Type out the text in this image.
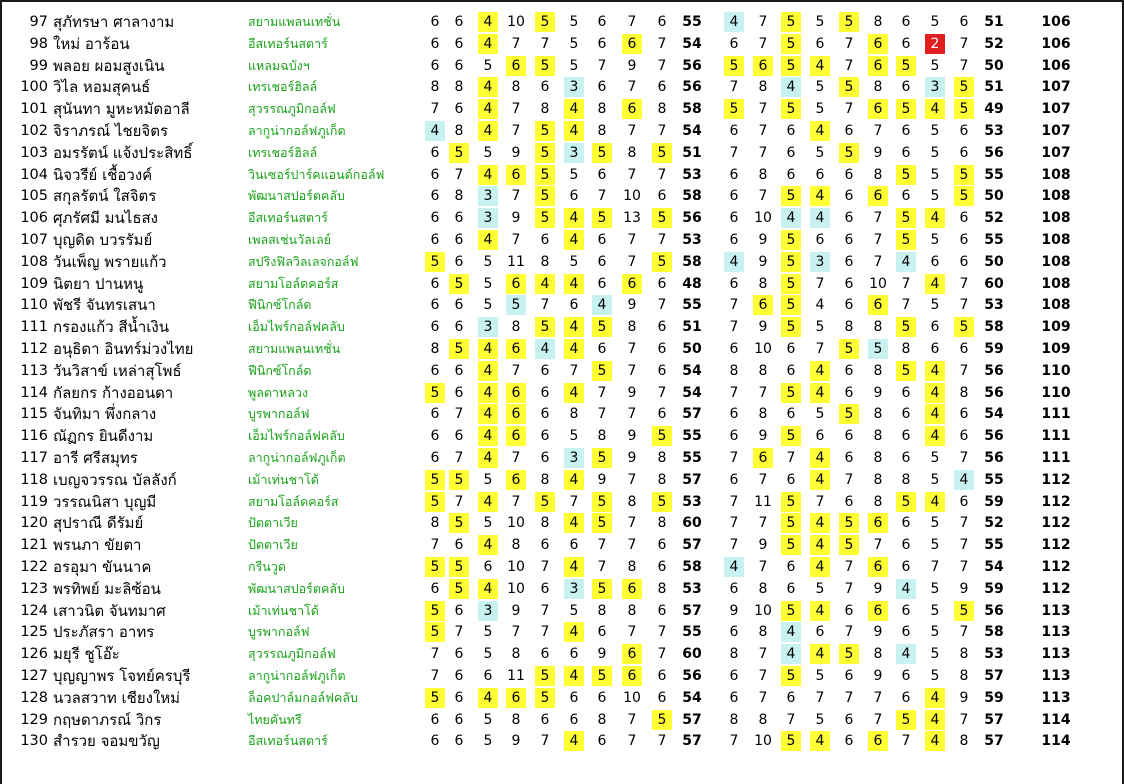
97 สุภัทรษา ศาลางาม	สยามแพลนเทชั่น	6	6	4	10	5	5	6	7	6	55	4	7	5	5	5	8	6	5	6	51	106
98 ใหม่ อาร้อน	อีสเทอร์นสตาร์	6	6	4	7	7	5	6	6	7	54	6	7	5	6	7	6	6	2	7	52	106
99 พลอย ผอมสูงเนิน	แหลมฉบังฯ	6	6	5	6	5	5	7	9	7	56	5	6	5	4	7	6	5	5	7	50	106
100 วิไล หอมสุคนธ์	เทรเชอร์ฮิลล์	8	8	4	8	6	3	6	7	6	56	7	8	4	5	5	8	6	3	5	51	107
101 สุนันทา มูหะหมัดอาลี	สุวรรณภูมิกอล์ฟ	7	6	4	7	8	4	8	6	8	58	5	7	5	5	7	6	5	4	5	49	107
102 จิราภรณ์ ไชยจิตร	ลากูน่ากอล์ฟภูเก็ต	4	8	4	7	5	4	8	7	7	54	6	7	6	4	6	7	6	5	6	53	107
103 อมรรัตน์ แจ้งประสิทธิ์	เทรเชอร์ฮิลล์	6	5	5	9	5	3	5	8	5	51	7	7	6	5	5	9	6	5	6	56	107
104 นิจวรีย์ เชื้อวงค์	วินเซอร์ปาร์คแอนด์กอล์ฟ	6	7	4	6	5	5	6	7	7	53	6	8	6	6	6	8	5	5	5	55	108
105 สกุลรัตน์ ใสจิตร	พัฒนาสปอร์ตคลับ	6	8	3	7	5	6	7	10	6	58	6	7	5	4	6	6	6	5	5	50	108
106 ศุภรัศมี มนไธสง	อีสเทอร์นสตาร์	6	6	3	9	5	4	5	13	5	56	6	10	4	4	6	7	5	4	6	52	108
107 บุญดิด บวรรัมย์	เพลสเช่นวัลเลย์	6	6	4	7	6	4	6	7	7	53	6	9	5	6	6	7	5	5	6	55	108
108 วันเพ็ญ พรายแก้ว	สปริงฟิลวิลเลจกอล์ฟ	5	6	5	11	8	5	6	7	5	58	4	9	5	3	6	7	4	6	6	50	108
109 นิตยา ปานหนู	สยามโอล์ดคอร์ส	6	5	5	6	4	4	6	6	6	48	6	8	5	7	6	10	7	4	7	60	108
110 พัชรี จันทรเสนา	ฟีนิกซ์โกล์ด	6	6	5	5	7	6	4	9	7	55	7	6	5	4	6	6	7	5	7	53	108
111 กรองแก้ว สีน้ำเงิน	เอ็มไพร์กอล์ฟคลับ	6	6	3	8	5	4	5	8	6	51	7	9	5	5	8	8	5	6	5	58	109
112 อนุธิดา อินทร์ม่วงไทย	สยามแพลนเทชั่น	8	5	4	6	4	4	6	7	6	50	6	10	6	7	5	5	8	6	6	59	109
113 วันวิสาข์ เหล่าสุโพธ์	ฟีนิกซ์โกล์ด	6	6	4	7	6	7	5	7	6	54	8	8	6	4	6	8	5	4	7	56	110
114 กัลยกร ก้างออนดา	พูลตาหลวง	5	6	4	6	6	4	7	9	7	54	7	7	5	4	6	9	6	4	8	56	110
115 จันทิมา พึ่งกลาง	บูรพากอล์ฟ	6	7	4	6	6	8	7	7	6	57	6	8	6	5	5	8	6	4	6	54	111
116 ณัฏกร ยินดีงาม	เอ็มไพร์กอล์ฟคลับ	6	6	4	6	6	5	8	9	5	55	6	9	5	6	6	8	6	4	6	56	111
117 อารี ศรีสมุทร	ลากูน่ากอล์ฟภูเก็ต	6	7	4	7	6	3	5	9	8	55	7	6	7	4	6	8	6	5	7	56	111
118 เบญจวรรณ บัลลังก์	เม้าเท่นชาโด้	5	5	5	6	8	4	9	7	8	57	6	7	6	4	7	8	8	5	4	55	112
119 วรรณนิสา บุญมี	สยามโอล์ดคอร์ส	5	7	4	7	5	7	5	8	5	53	7	11	5	7	6	8	5	4	6	59	112
120 สุปราณี ดีรัมย์	ปัตตาเวีย	8	5	5	10	8	4	5	7	8	60	7	7	5	4	5	6	6	5	7	52	112
121 พรนภา ขัยตา	ปัตตาเวีย	7	6	4	8	6	6	7	7	6	57	7	9	5	4	5	7	6	5	7	55	112
122 อรอุมา ขันนาค	กรีนวูด	5	5	6	10	7	4	7	8	6	58	4	7	6	4	7	6	6	7	7	54	112
123 พรทิพย์ มะลิซ้อน	พัฒนาสปอร์ตคลับ	6	5	4	10	6	3	5	6	8	53	6	8	6	5	7	9	4	5	9	59	112
124 เสาวนิต จันทมาศ	เม้าเท่นชาโด้	5	6	3	9	7	5	8	8	6	57	9	10	5	4	6	6	6	5	5	56	113
125 ประภัสรา อาทร	บูรพากอล์ฟ	5	7	5	7	7	4	6	7	7	55	6	8	4	6	7	9	6	5	7	58	113
126 มยุรี ชูโอ๊ะ	สุวรรณภูมิกอล์ฟ	7	6	5	8	6	6	9	6	7	60	8	7	4	4	5	8	4	5	8	53	113
127 บุญญาพร โจทย์ครบุรี	ลากูน่ากอล์ฟภูเก็ต	7	6	6	11	5	4	5	6	6	56	6	7	5	5	6	9	6	5	8	57	113
128 นวลสวาท เชียงใหม่	ล็อคปาล์มกอล์ฟคลับ	5	6	4	6	5	6	6	10	6	54	6	7	6	7	7	7	6	4	9	59	113
129 กฤษดาภรณ์ วิกร	ไทยคันทรี	6	6	5	8	6	6	8	7	5	57	8	8	7	5	6	7	5	4	7	57	114
130 สำรวย จอมขวัญ	อีสเทอร์นสตาร์	6	6	5	9	7	4	6	7	7	57	7	10	5	4	6	6	7	4	8	57	114
